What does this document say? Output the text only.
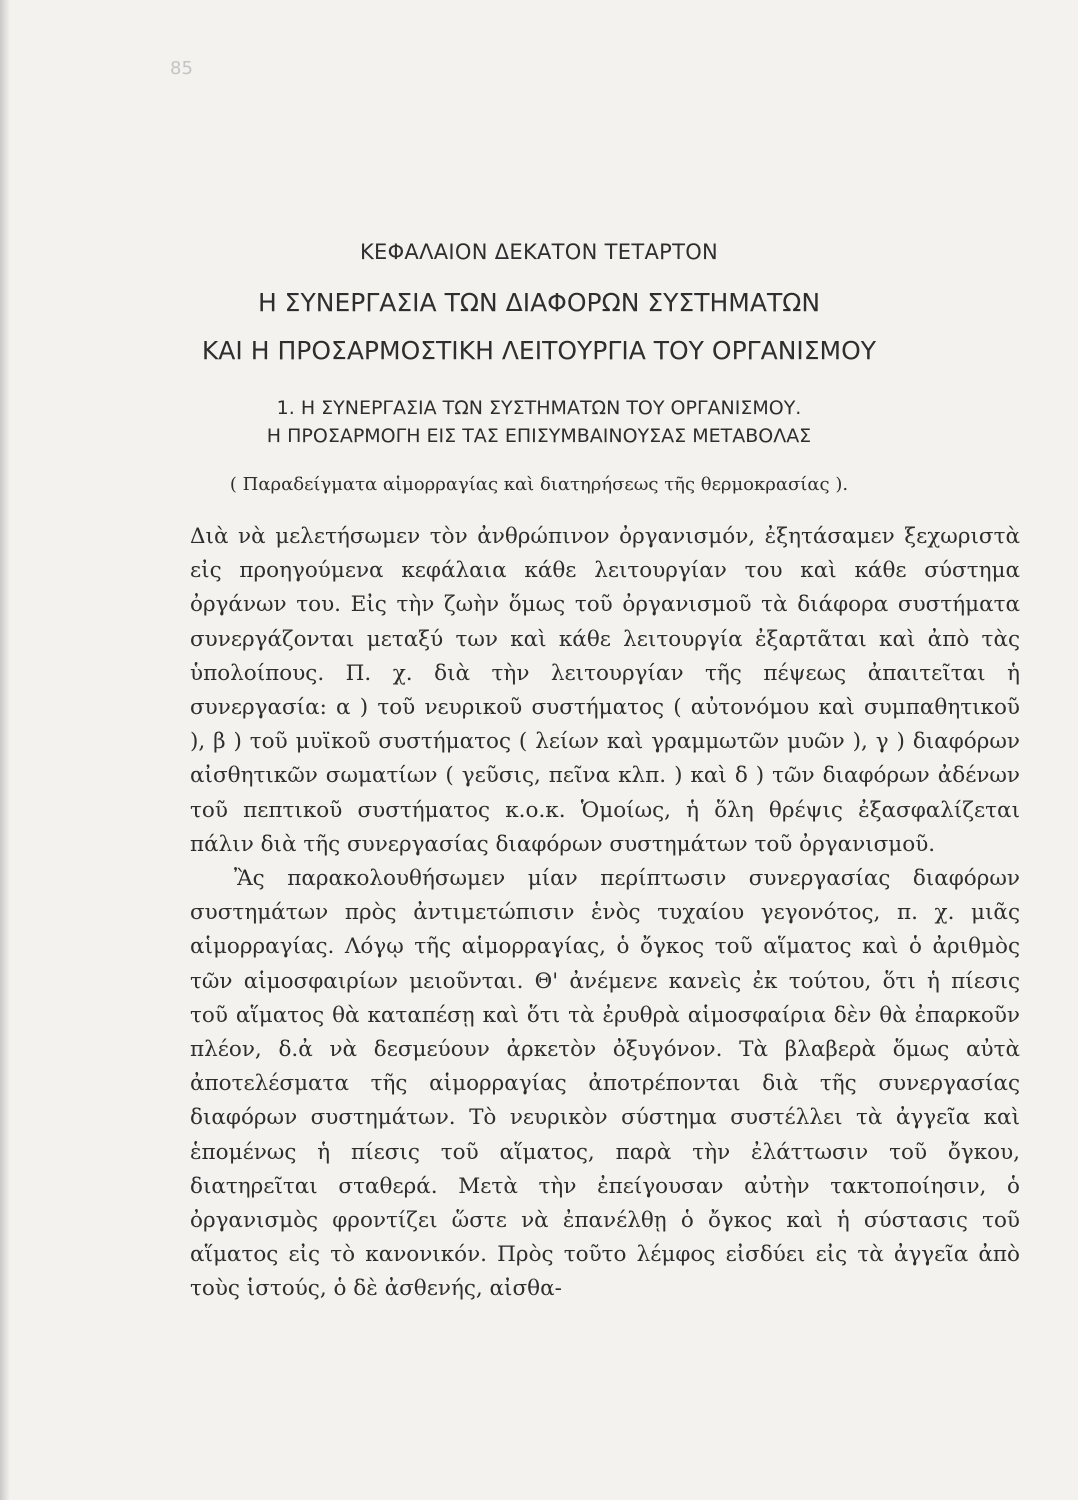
85
ΚΕΦΑΛΑΙΟΝ ΔΕΚΑΤΟΝ ΤΕΤΑΡΤΟΝ
Η ΣΥΝΕΡΓΑΣΙΑ ΤΩΝ ΔΙΑΦΟΡΩΝ ΣΥΣΤΗΜΑΤΩΝ
ΚΑΙ Η ΠΡΟΣΑΡΜΟΣΤΙΚΗ ΛΕΙΤΟΥΡΓΙΑ ΤΟΥ ΟΡΓΑΝΙΣΜΟΥ
1. Η ΣΥΝΕΡΓΑΣΙΑ ΤΩΝ ΣΥΣΤΗΜΑΤΩΝ ΤΟΥ ΟΡΓΑΝΙΣΜΟΥ.
Η ΠΡΟΣΑΡΜΟΓΗ ΕΙΣ ΤΑΣ ΕΠΙΣΥΜΒΑΙΝΟΥΣΑΣ ΜΕΤΑΒΟΛΑΣ
( Παραδείγματα αἱμορραγίας καὶ διατηρήσεως τῆς θερμοκρασίας ).

Διὰ νὰ μελετήσωμεν τὸν ἀνθρώπινον ὀργανισμόν, ἐξητάσαμεν ξεχωριστὰ εἰς προηγούμενα κεφάλαια κάθε λειτουργίαν του καὶ κάθε σύστημα ὀργάνων του. Εἰς τὴν ζωὴν ὅμως τοῦ ὀργανισμοῦ τὰ διάφορα συστήματα συνεργάζονται μεταξύ των καὶ κάθε λειτουργία ἐξαρτᾶται καὶ ἀπὸ τὰς ὑπολοίπους. Π. χ. διὰ τὴν λειτουργίαν τῆς πέψεως ἀπαιτεῖται ἡ συνεργασία: α ) τοῦ νευρικοῦ συστήματος ( αὐτονόμου καὶ συμπαθητικοῦ ), β ) τοῦ μυϊκοῦ συστήματος ( λείων καὶ γραμμωτῶν μυῶν ), γ ) διαφόρων αἰσθητικῶν σωματίων ( γεῦσις, πεῖνα κλπ. ) καὶ δ ) τῶν διαφόρων ἀδένων τοῦ πεπτικοῦ συστήματος κ.ο.κ. Ὁμοίως, ἡ ὅλη θρέψις ἐξασφαλίζεται πάλιν διὰ τῆς συνεργασίας διαφόρων συστημάτων τοῦ ὀργανισμοῦ.

Ἂς παρακολουθήσωμεν μίαν περίπτωσιν συνεργασίας διαφόρων συστημάτων πρὸς ἀντιμετώπισιν ἑνὸς τυχαίου γεγονότος, π. χ. μιᾶς αἱμορραγίας. Λόγῳ τῆς αἱμορραγίας, ὁ ὄγκος τοῦ αἵματος καὶ ὁ ἀριθμὸς τῶν αἱμοσφαιρίων μειοῦνται. Θ' ἀνέμενε κανεὶς ἐκ τούτου, ὅτι ἡ πίεσις τοῦ αἵματος θὰ καταπέσῃ καὶ ὅτι τὰ ἐρυθρὰ αἱμοσφαίρια δὲν θὰ ἐπαρκοῦν πλέον, δ.ἀ νὰ δεσμεύουν ἀρκετὸν ὀξυγόνον. Τὰ βλαβερὰ ὅμως αὐτὰ ἀποτελέσματα τῆς αἱμορραγίας ἀποτρέπονται διὰ τῆς συνεργασίας διαφόρων συστημάτων. Τὸ νευρικὸν σύστημα συστέλλει τὰ ἀγγεῖα καὶ ἑπομένως ἡ πίεσις τοῦ αἵματος, παρὰ τὴν ἐλάττωσιν τοῦ ὄγκου, διατηρεῖται σταθερά. Μετὰ τὴν ἐπείγουσαν αὐτὴν τακτοποίησιν, ὁ ὀργανισμὸς φροντίζει ὥστε νὰ ἐπανέλθῃ ὁ ὄγκος καὶ ἡ σύστασις τοῦ αἵματος εἰς τὸ κανονικόν. Πρὸς τοῦτο λέμφος εἰσδύει εἰς τὰ ἀγγεῖα ἀπὸ τοὺς ἱστούς, ὁ δὲ ἀσθενής, αἰσθα-
